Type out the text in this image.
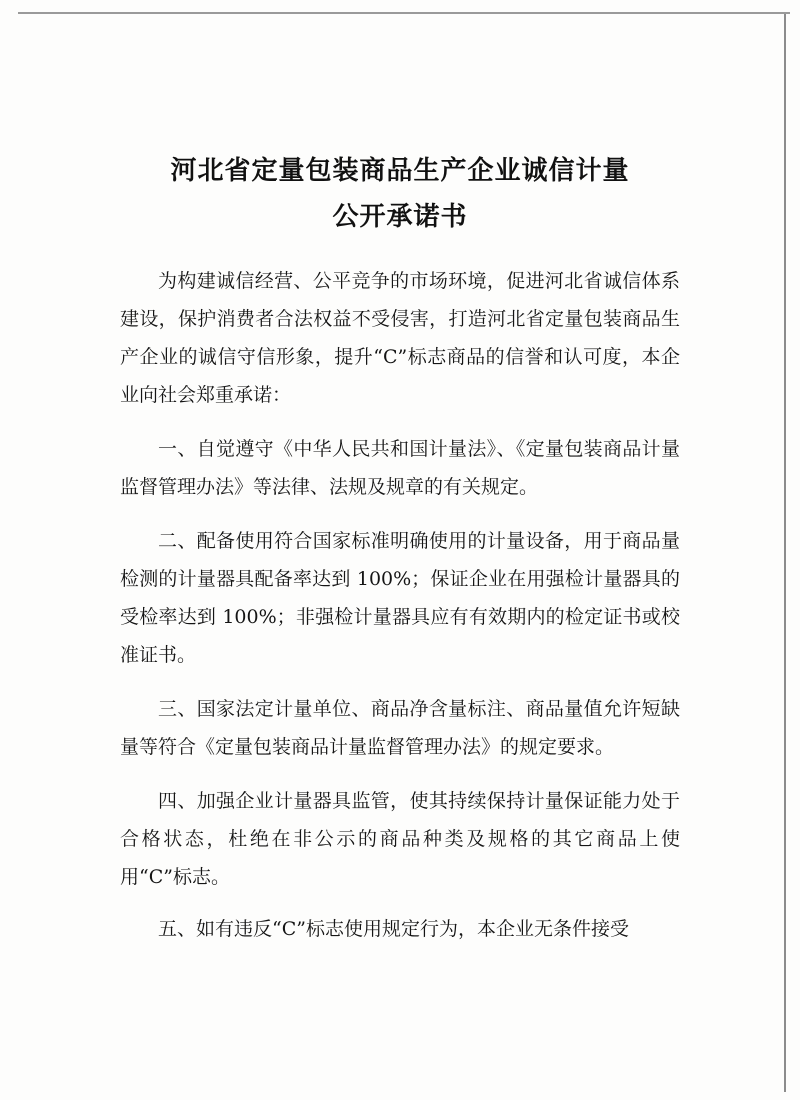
河北省定量包装商品生产企业诚信计量
公开承诺书

为构建诚信经营、公平竞争的市场环境，促进河北省诚信体系建设，保护消费者合法权益不受侵害，打造河北省定量包装商品生产企业的诚信守信形象，提升“C”标志商品的信誉和认可度，本企业向社会郑重承诺：

一、自觉遵守《中华人民共和国计量法》、《定量包装商品计量监督管理办法》等法律、法规及规章的有关规定。

二、配备使用符合国家标准明确使用的计量设备，用于商品量检测的计量器具配备率达到 100%；保证企业在用强检计量器具的受检率达到 100%；非强检计量器具应有有效期内的检定证书或校准证书。

三、国家法定计量单位、商品净含量标注、商品量值允许短缺量等符合《定量包装商品计量监督管理办法》的规定要求。

四、加强企业计量器具监管，使其持续保持计量保证能力处于合格状态，杜绝在非公示的商品种类及规格的其它商品上使用“C”标志。

五、如有违反“C”标志使用规定行为，本企业无条件接受
